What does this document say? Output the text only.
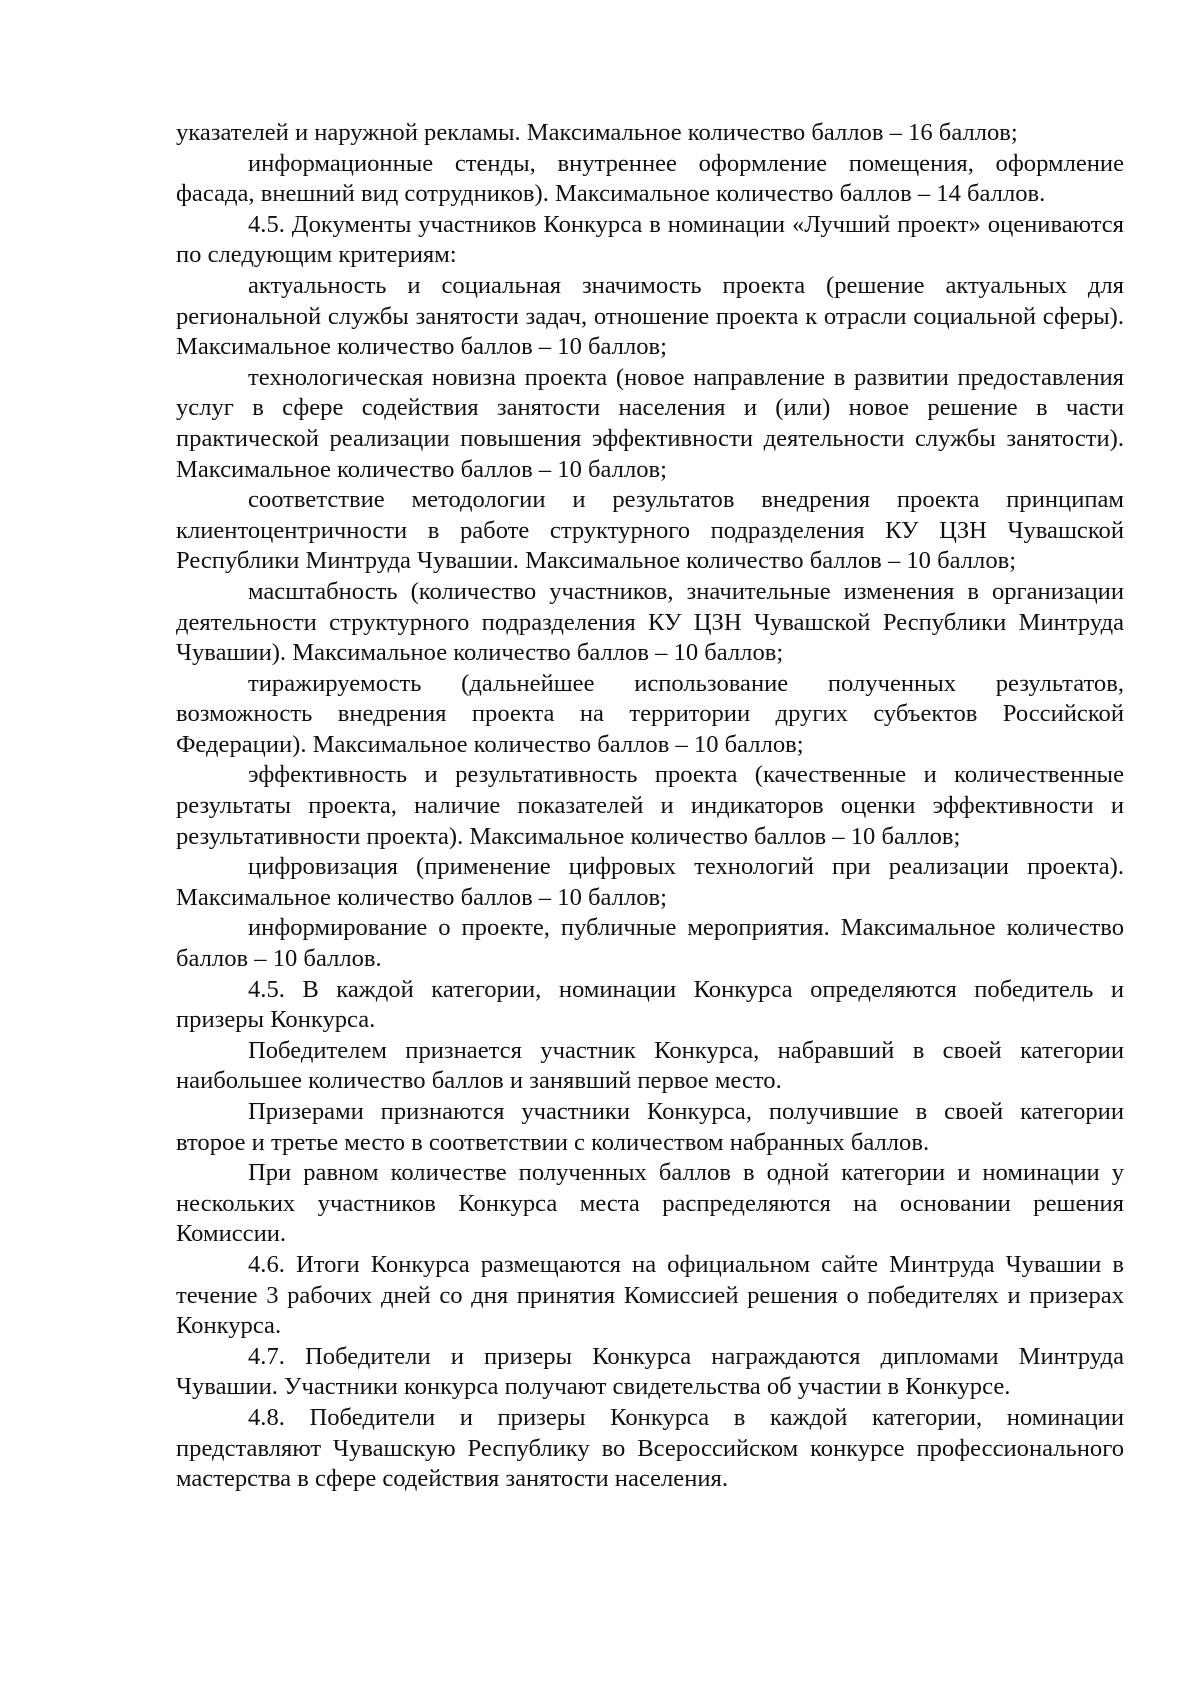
указателей и наружной рекламы. Максимальное количество баллов – 16 баллов;

информационные стенды, внутреннее оформление помещения, оформление фасада, внешний вид сотрудников). Максимальное количество баллов – 14 баллов.

4.5. Документы участников Конкурса в номинации «Лучший проект» оцениваются по следующим критериям:

актуальность и социальная значимость проекта (решение актуальных для региональной службы занятости задач, отношение проекта к отрасли социальной сферы). Максимальное количество баллов – 10 баллов;

технологическая новизна проекта (новое направление в развитии предоставления услуг в сфере содействия занятости населения и (или) новое решение в части практической реализации повышения эффективности деятельности службы занятости). Максимальное количество баллов – 10 баллов;

соответствие методологии и результатов внедрения проекта принципам клиентоцентричности в работе структурного подразделения КУ ЦЗН Чувашской Республики Минтруда Чувашии. Максимальное количество баллов – 10 баллов;

масштабность (количество участников, значительные изменения в организации деятельности структурного подразделения КУ ЦЗН Чувашской Республики Минтруда Чувашии). Максимальное количество баллов – 10 баллов;

тиражируемость (дальнейшее использование полученных результатов, возможность внедрения проекта на территории других субъектов Российской Федерации). Максимальное количество баллов – 10 баллов;

эффективность и результативность проекта (качественные и количественные результаты проекта, наличие показателей и индикаторов оценки эффективности и результативности проекта). Максимальное количество баллов – 10 баллов;

цифровизация (применение цифровых технологий при реализации проекта). Максимальное количество баллов – 10 баллов;

информирование о проекте, публичные мероприятия. Максимальное количество баллов – 10 баллов.

4.5. В каждой категории, номинации Конкурса определяются победитель и призеры Конкурса.

Победителем признается участник Конкурса, набравший в своей категории наибольшее количество баллов и занявший первое место.

Призерами признаются участники Конкурса, получившие в своей категории второе и третье место в соответствии с количеством набранных баллов.

При равном количестве полученных баллов в одной категории и номинации у нескольких участников Конкурса места распределяются на основании решения Комиссии.

4.6. Итоги Конкурса размещаются на официальном сайте Минтруда Чувашии в течение 3 рабочих дней со дня принятия Комиссией решения о победителях и призерах Конкурса.

4.7. Победители и призеры Конкурса награждаются дипломами Минтруда Чувашии. Участники конкурса получают свидетельства об участии в Конкурсе.

4.8. Победители и призеры Конкурса в каждой категории, номинации представляют Чувашскую Республику во Всероссийском конкурсе профессионального мастерства в сфере содействия занятости населения.
